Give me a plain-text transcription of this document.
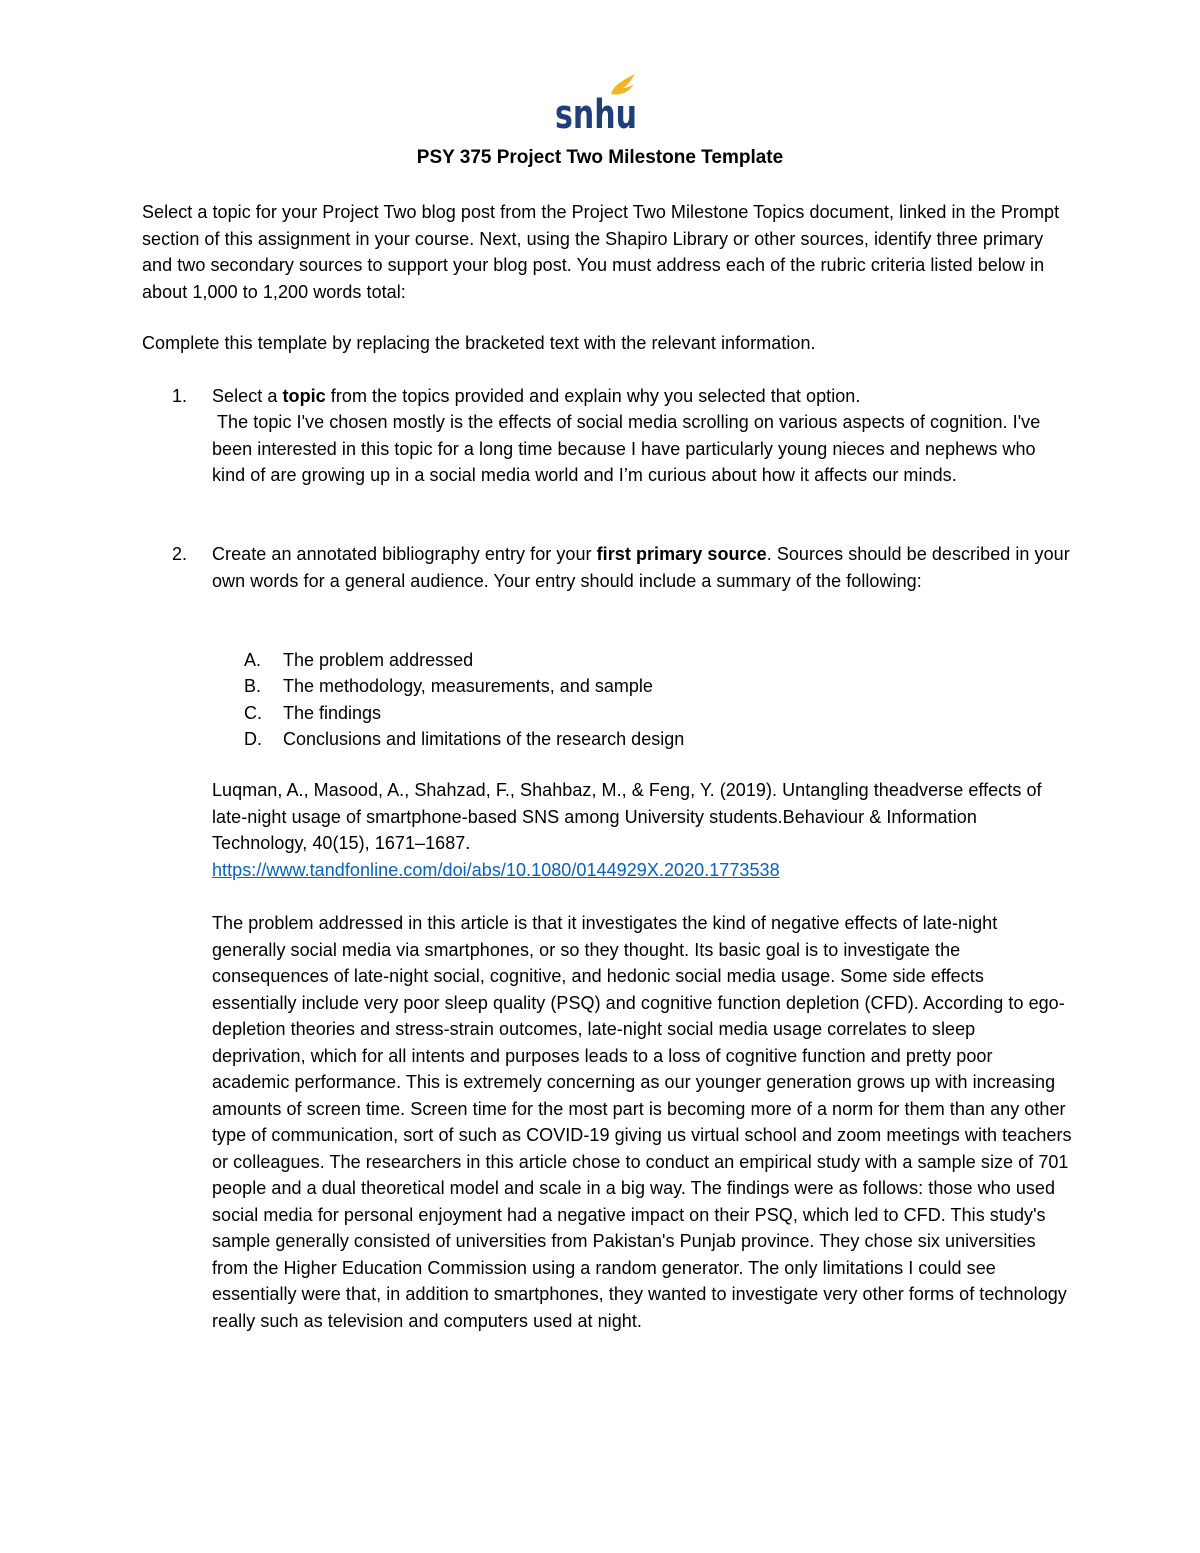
snhu
PSY 375 Project Two Milestone Template
Select a topic for your Project Two blog post from the Project Two Milestone Topics document, linked in the Prompt section of this assignment in your course. Next, using the Shapiro Library or other sources, identify three primary and two secondary sources to support your blog post. You must address each of the rubric criteria listed below in about 1,000 to 1,200 words total:
Complete this template by replacing the bracketed text with the relevant information.
1. Select a topic from the topics provided and explain why you selected that option.
The topic I've chosen mostly is the effects of social media scrolling on various aspects of cognition. I've been interested in this topic for a long time because I have particularly young nieces and nephews who kind of are growing up in a social media world and I’m curious about how it affects our minds.
2. Create an annotated bibliography entry for your first primary source. Sources should be described in your own words for a general audience. Your entry should include a summary of the following:
A.	The problem addressed
B.	The methodology, measurements, and sample
C.	The findings
D.	Conclusions and limitations of the research design
Luqman, A., Masood, A., Shahzad, F., Shahbaz, M., & Feng, Y. (2019). Untangling theadverse effects of late-night usage of smartphone-based SNS among University students.Behaviour & Information Technology, 40(15), 1671–1687.
https://www.tandfonline.com/doi/abs/10.1080/0144929X.2020.1773538
The problem addressed in this article is that it investigates the kind of negative effects of late-night generally social media via smartphones, or so they thought. Its basic goal is to investigate the consequences of late-night social, cognitive, and hedonic social media usage. Some side effects essentially include very poor sleep quality (PSQ) and cognitive function depletion (CFD). According to ego-depletion theories and stress-strain outcomes, late-night social media usage correlates to sleep deprivation, which for all intents and purposes leads to a loss of cognitive function and pretty poor academic performance. This is extremely concerning as our younger generation grows up with increasing amounts of screen time. Screen time for the most part is becoming more of a norm for them than any other type of communication, sort of such as COVID-19 giving us virtual school and zoom meetings with teachers or colleagues. The researchers in this article chose to conduct an empirical study with a sample size of 701 people and a dual theoretical model and scale in a big way. The findings were as follows: those who used social media for personal enjoyment had a negative impact on their PSQ, which led to CFD. This study's sample generally consisted of universities from Pakistan's Punjab province. They chose six universities from the Higher Education Commission using a random generator. The only limitations I could see essentially were that, in addition to smartphones, they wanted to investigate very other forms of technology really such as television and computers used at night.
